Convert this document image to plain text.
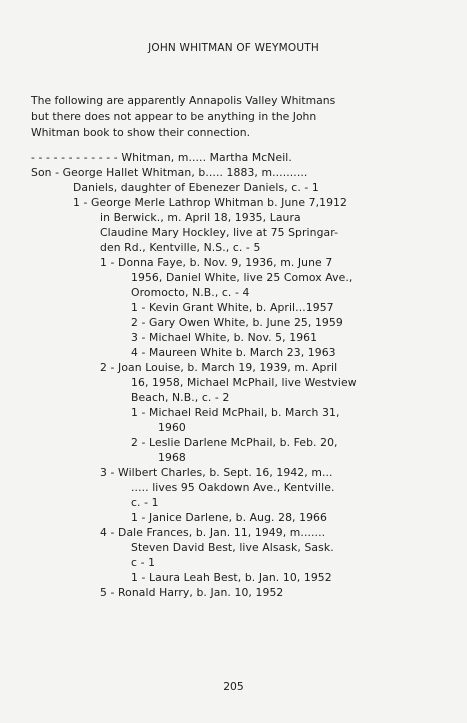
JOHN WHITMAN OF WEYMOUTH
The following are apparently Annapolis Valley Whitmans
but there does not appear to be anything in the John
Whitman book to show their connection.
- - - - - - - - - - - - Whitman, m..... Martha McNeil.
Son - George Hallet Whitman, b..... 1883, m..........
Daniels, daughter of Ebenezer Daniels, c. - 1
1 - George Merle Lathrop Whitman b. June 7,1912
in Berwick., m. April 18, 1935, Laura
Claudine Mary Hockley, live at 75 Springar-
den Rd., Kentville, N.S., c. - 5
1 - Donna Faye, b. Nov. 9, 1936, m. June 7
1956, Daniel White, live 25 Comox Ave.,
Oromocto, N.B., c. - 4
1 - Kevin Grant White, b. April...1957
2 - Gary Owen White, b. June 25, 1959
3 - Michael White, b. Nov. 5, 1961
4 - Maureen White b. March 23, 1963
2 - Joan Louise, b. March 19, 1939, m. April
16, 1958, Michael McPhail, live Westview
Beach, N.B., c. - 2
1 - Michael Reid McPhail, b. March 31,
1960
2 - Leslie Darlene McPhail, b. Feb. 20,
1968
3 - Wilbert Charles, b. Sept. 16, 1942, m...
..... lives 95 Oakdown Ave., Kentville.
c. - 1
1 - Janice Darlene, b. Aug. 28, 1966
4 - Dale Frances, b. Jan. 11, 1949, m.......
Steven David Best, live Alsask, Sask.
c - 1
1 - Laura Leah Best, b. Jan. 10, 1952
5 - Ronald Harry, b. Jan. 10, 1952
205
